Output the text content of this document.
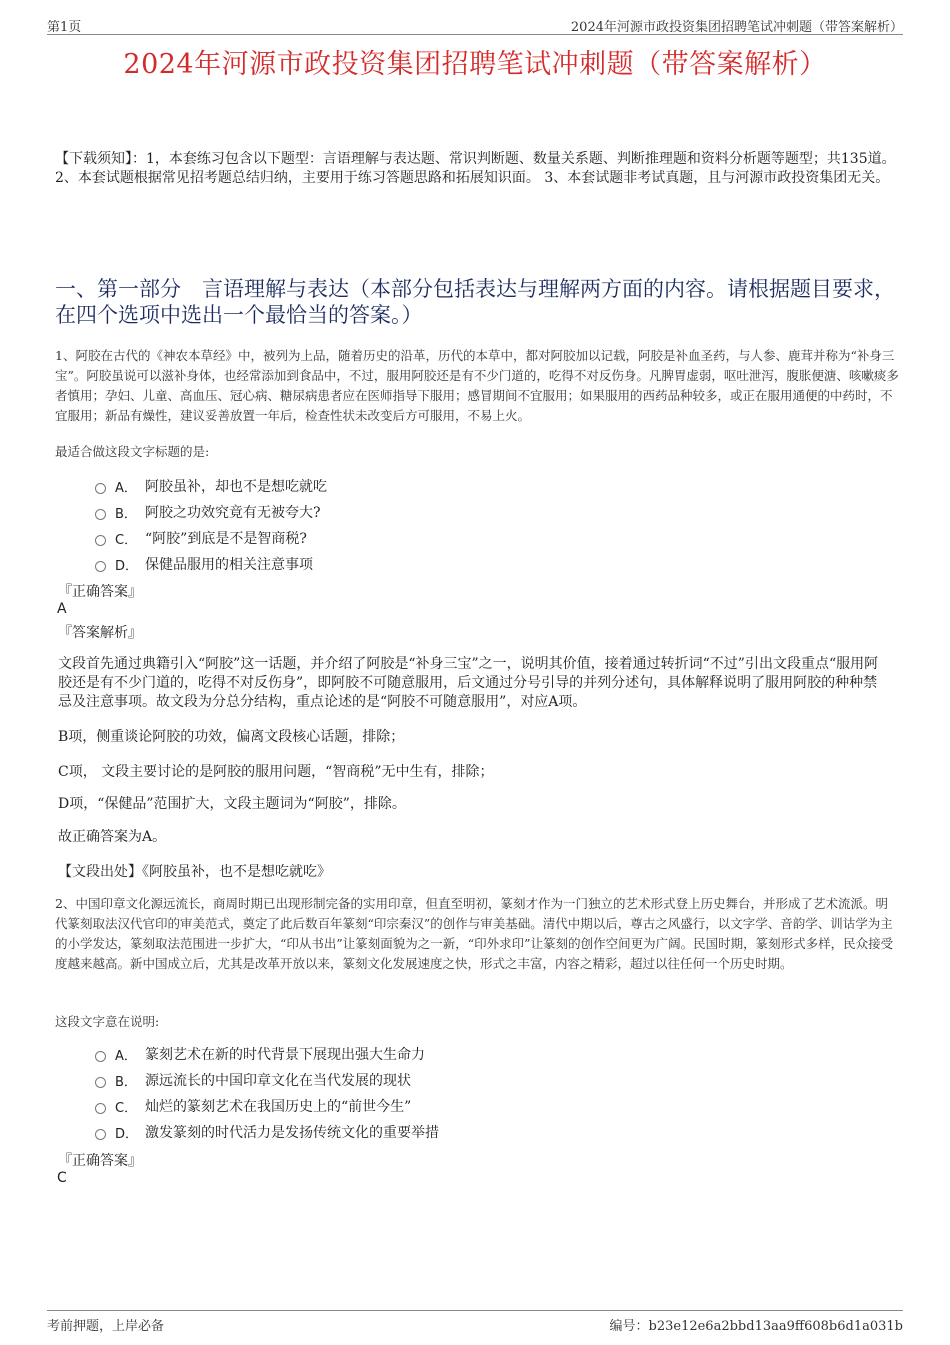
第1页	2024年河源市政投资集团招聘笔试冲刺题（带答案解析）
2024年河源市政投资集团招聘笔试冲刺题（带答案解析）
【下载须知】：1，本套练习包含以下题型：言语理解与表达题、常识判断题、数量关系题、判断推理题和资料分析题等题型；共135道。 2、本套试题根据常见招考题总结归纳，主要用于练习答题思路和拓展知识面。 3、本套试题非考试真题，且与河源市政投资集团无关。
一、第一部分　言语理解与表达（本部分包括表达与理解两方面的内容。请根据题目要求，在四个选项中选出一个最恰当的答案。）
1、阿胶在古代的《神农本草经》中，被列为上品，随着历史的沿革，历代的本草中，都对阿胶加以记载，阿胶是补血圣药，与人参、鹿茸并称为“补身三宝”。阿胶虽说可以滋补身体，也经常添加到食品中，不过，服用阿胶还是有不少门道的，吃得不对反伤身。凡脾胃虚弱，呕吐泄泻，腹胀便溏、咳嗽痰多者慎用；孕妇、儿童、高血压、冠心病、糖尿病患者应在医师指导下服用；感冒期间不宜服用；如果服用的西药品种较多，或正在服用通便的中药时，不宜服用；新品有燥性，建议妥善放置一年后，检查性状未改变后方可服用，不易上火。
最适合做这段文字标题的是:
A． 阿胶虽补，却也不是想吃就吃
B． 阿胶之功效究竟有无被夸大?
C． “阿胶”到底是不是智商税?
D． 保健品服用的相关注意事项
『正确答案』
A
『答案解析』
文段首先通过典籍引入“阿胶”这一话题，并介绍了阿胶是“补身三宝”之一，说明其价值，接着通过转折词“不过”引出文段重点“服用阿胶还是有不少门道的，吃得不对反伤身”，即阿胶不可随意服用，后文通过分号引导的并列分述句，具体解释说明了服用阿胶的种种禁忌及注意事项。故文段为分总分结构，重点论述的是“阿胶不可随意服用”，对应A项。
B项，侧重谈论阿胶的功效，偏离文段核心话题，排除；
C项， 文段主要讨论的是阿胶的服用问题，“智商税”无中生有，排除；
D项，“保健品”范围扩大，文段主题词为“阿胶”，排除。
故正确答案为A。
【文段出处】《阿胶虽补，也不是想吃就吃》
2、中国印章文化源远流长，商周时期已出现形制完备的实用印章，但直至明初，篆刻才作为一门独立的艺术形式登上历史舞台，并形成了艺术流派。明代篆刻取法汉代官印的审美范式，奠定了此后数百年篆刻“印宗秦汉”的创作与审美基础。清代中期以后，尊古之风盛行，以文字学、音韵学、训诂学为主的小学发达，篆刻取法范围进一步扩大，“印从书出”让篆刻面貌为之一新，“印外求印”让篆刻的创作空间更为广阔。民国时期，篆刻形式多样，民众接受度越来越高。新中国成立后，尤其是改革开放以来，篆刻文化发展速度之快，形式之丰富，内容之精彩，超过以往任何一个历史时期。
这段文字意在说明:
A． 篆刻艺术在新的时代背景下展现出强大生命力
B． 源远流长的中国印章文化在当代发展的现状
C． 灿烂的篆刻艺术在我国历史上的“前世今生”
D． 激发篆刻的时代活力是发扬传统文化的重要举措
『正确答案』
C
考前押题，上岸必备	编号：b23e12e6a2bbd13aa9ff608b6d1a031b
